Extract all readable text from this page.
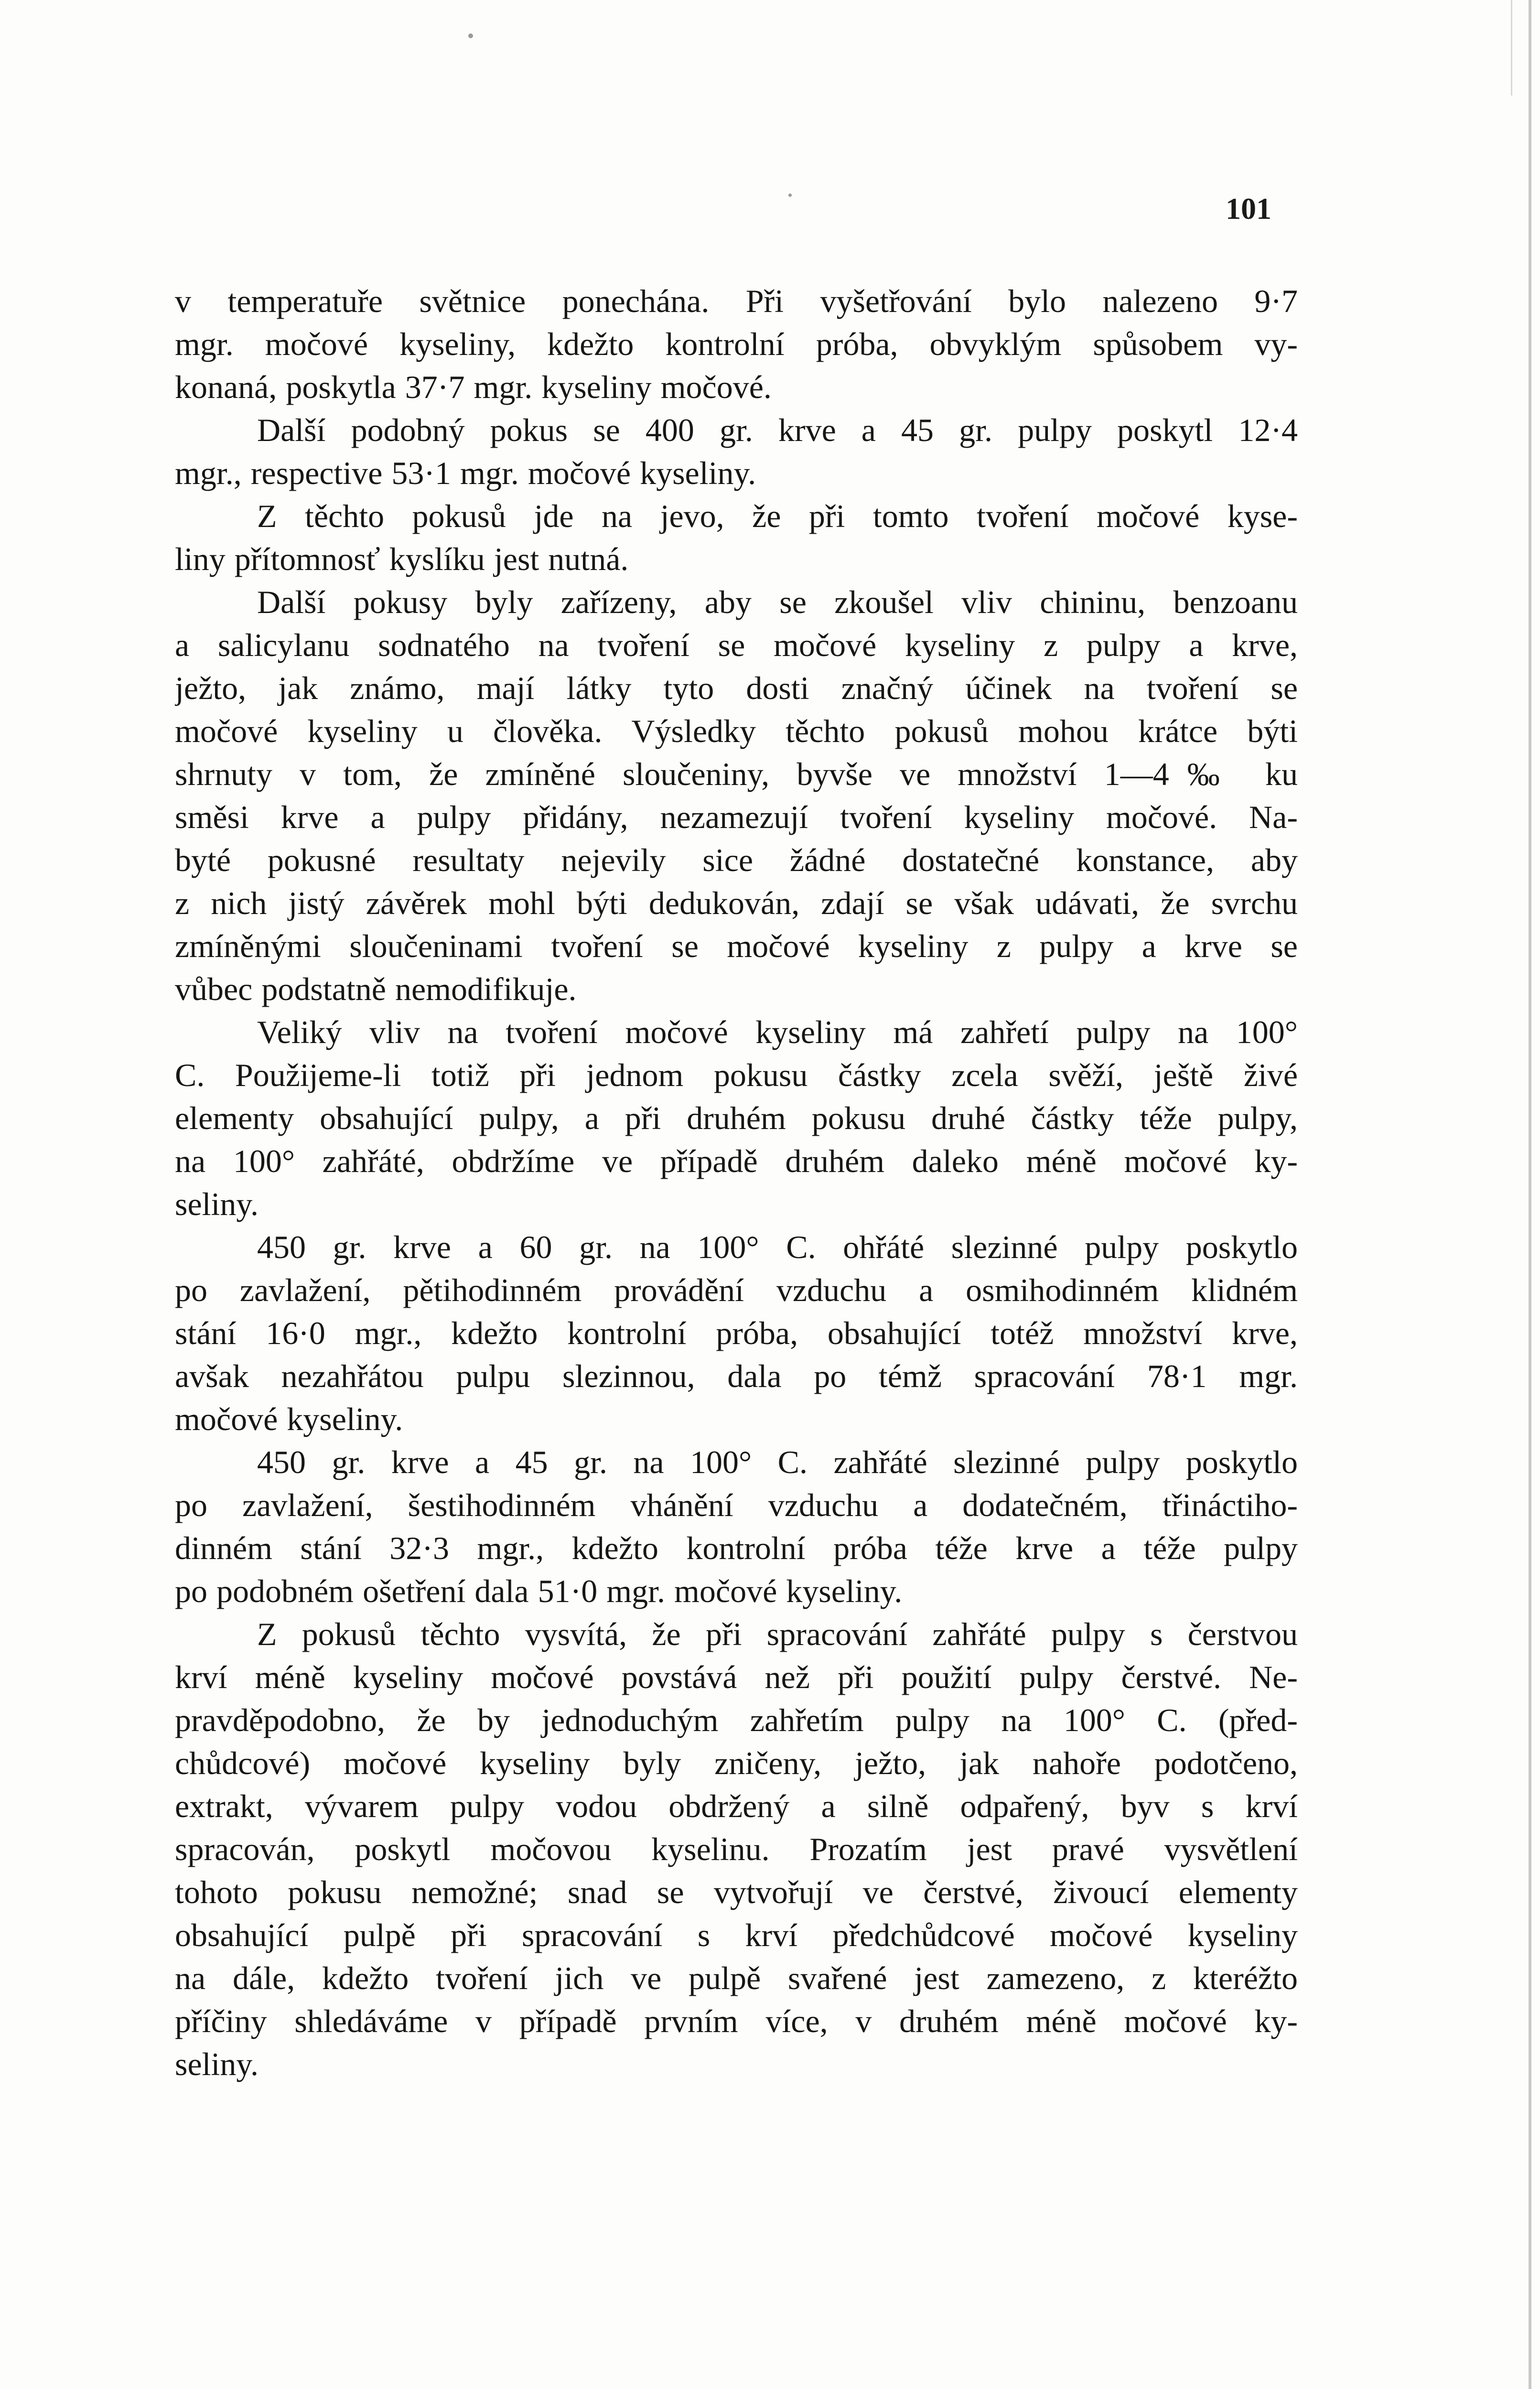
101
v temperatuře světnice ponechána. Při vyšetřování bylo nalezeno 9·7
mgr. močové kyseliny, kdežto kontrolní próba, obvyklým spůsobem vy-
konaná, poskytla 37·7 mgr. kyseliny močové.
Další podobný pokus se 400 gr. krve a 45 gr. pulpy poskytl 12·4
mgr., respective 53·1 mgr. močové kyseliny.
Z těchto pokusů jde na jevo, že při tomto tvoření močové kyse-
liny přítomnosť kyslíku jest nutná.
Další pokusy byly zařízeny, aby se zkoušel vliv chininu, benzoanu
a salicylanu sodnatého na tvoření se močové kyseliny z pulpy a krve,
ježto, jak známo, mají látky tyto dosti značný účinek na tvoření se
močové kyseliny u člověka. Výsledky těchto pokusů mohou krátce býti
shrnuty v tom, že zmíněné sloučeniny, byvše ve množství 1—4‰ ku
směsi krve a pulpy přidány, nezamezují tvoření kyseliny močové. Na-
byté pokusné resultaty nejevily sice žádné dostatečné konstance, aby
z nich jistý závěrek mohl býti dedukován, zdají se však udávati, že svrchu
zmíněnými sloučeninami tvoření se močové kyseliny z pulpy a krve se
vůbec podstatně nemodifikuje.
Veliký vliv na tvoření močové kyseliny má zahřetí pulpy na 100°
C. Použijeme-li totiž při jednom pokusu částky zcela svěží, ještě živé
elementy obsahující pulpy, a při druhém pokusu druhé částky téže pulpy,
na 100° zahřáté, obdržíme ve případě druhém daleko méně močové ky-
seliny.
450 gr. krve a 60 gr. na 100° C. ohřáté slezinné pulpy poskytlo
po zavlažení, pětihodinném provádění vzduchu a osmihodinném klidném
stání 16·0 mgr., kdežto kontrolní próba, obsahující totéž množství krve,
avšak nezahřátou pulpu slezinnou, dala po témž spracování 78·1 mgr.
močové kyseliny.
450 gr. krve a 45 gr. na 100° C. zahřáté slezinné pulpy poskytlo
po zavlažení, šestihodinném vhánění vzduchu a dodatečném, třináctiho-
dinném stání 32·3 mgr., kdežto kontrolní próba téže krve a téže pulpy
po podobném ošetření dala 51·0 mgr. močové kyseliny.
Z pokusů těchto vysvítá, že při spracování zahřáté pulpy s čerstvou
krví méně kyseliny močové povstává než při použití pulpy čerstvé. Ne-
pravděpodobno, že by jednoduchým zahřetím pulpy na 100° C. (před-
chůdcové) močové kyseliny byly zničeny, ježto, jak nahoře podotčeno,
extrakt, vývarem pulpy vodou obdržený a silně odpařený, byv s krví
spracován, poskytl močovou kyselinu. Prozatím jest pravé vysvětlení
tohoto pokusu nemožné; snad se vytvořují ve čerstvé, živoucí elementy
obsahující pulpě při spracování s krví předchůdcové močové kyseliny
na dále, kdežto tvoření jich ve pulpě svařené jest zamezeno, z kteréžto
příčiny shledáváme v případě prvním více, v druhém méně močové ky-
seliny.
